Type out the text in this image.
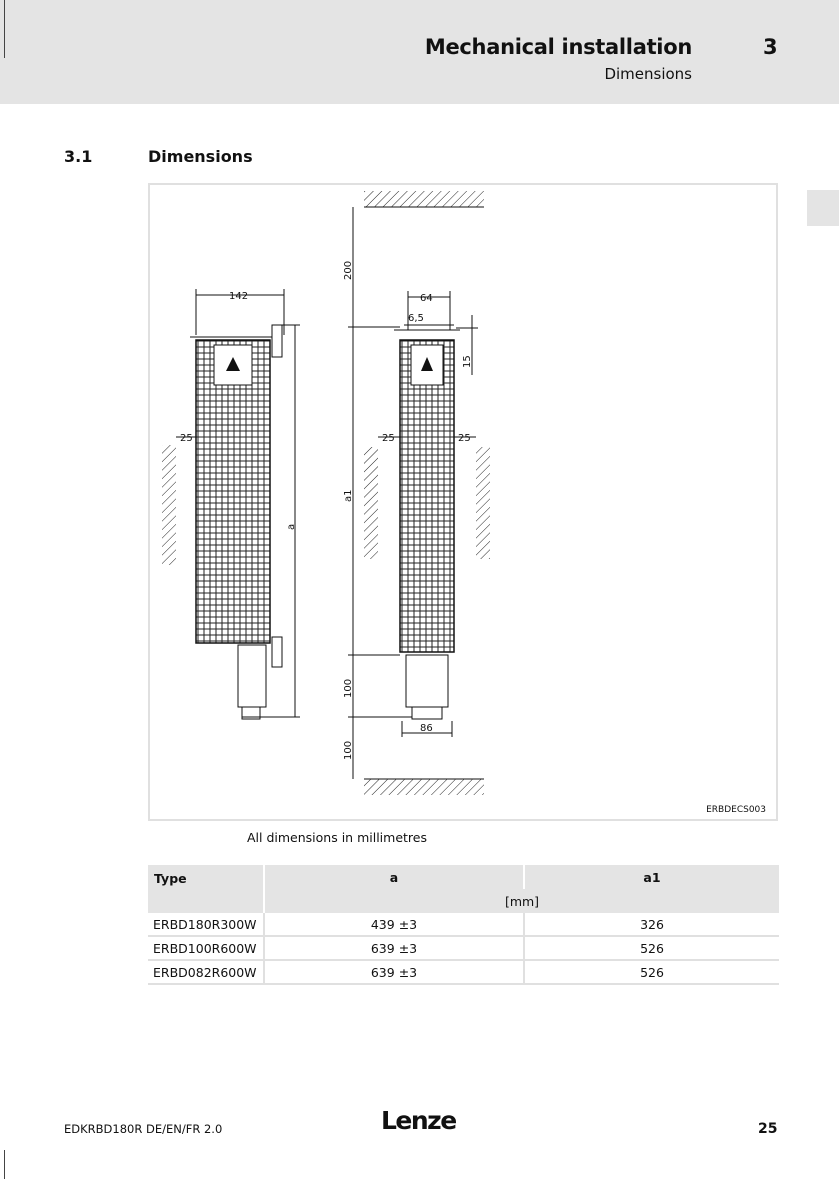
Mechanical installation
Dimensions
3
3.1	Dimensions
142
a
25
200
64
6,5
15
a1
25	25
100
100
86
ERBDECS003
All dimensions in millimetres
Type	a	a1
	[mm]	
ERBD180R300W	439 ±3	326
ERBD100R600W	639 ±3	526
ERBD082R600W	639 ±3	526
EDKRBD180R DE/EN/FR 2.0	Lenze	25
